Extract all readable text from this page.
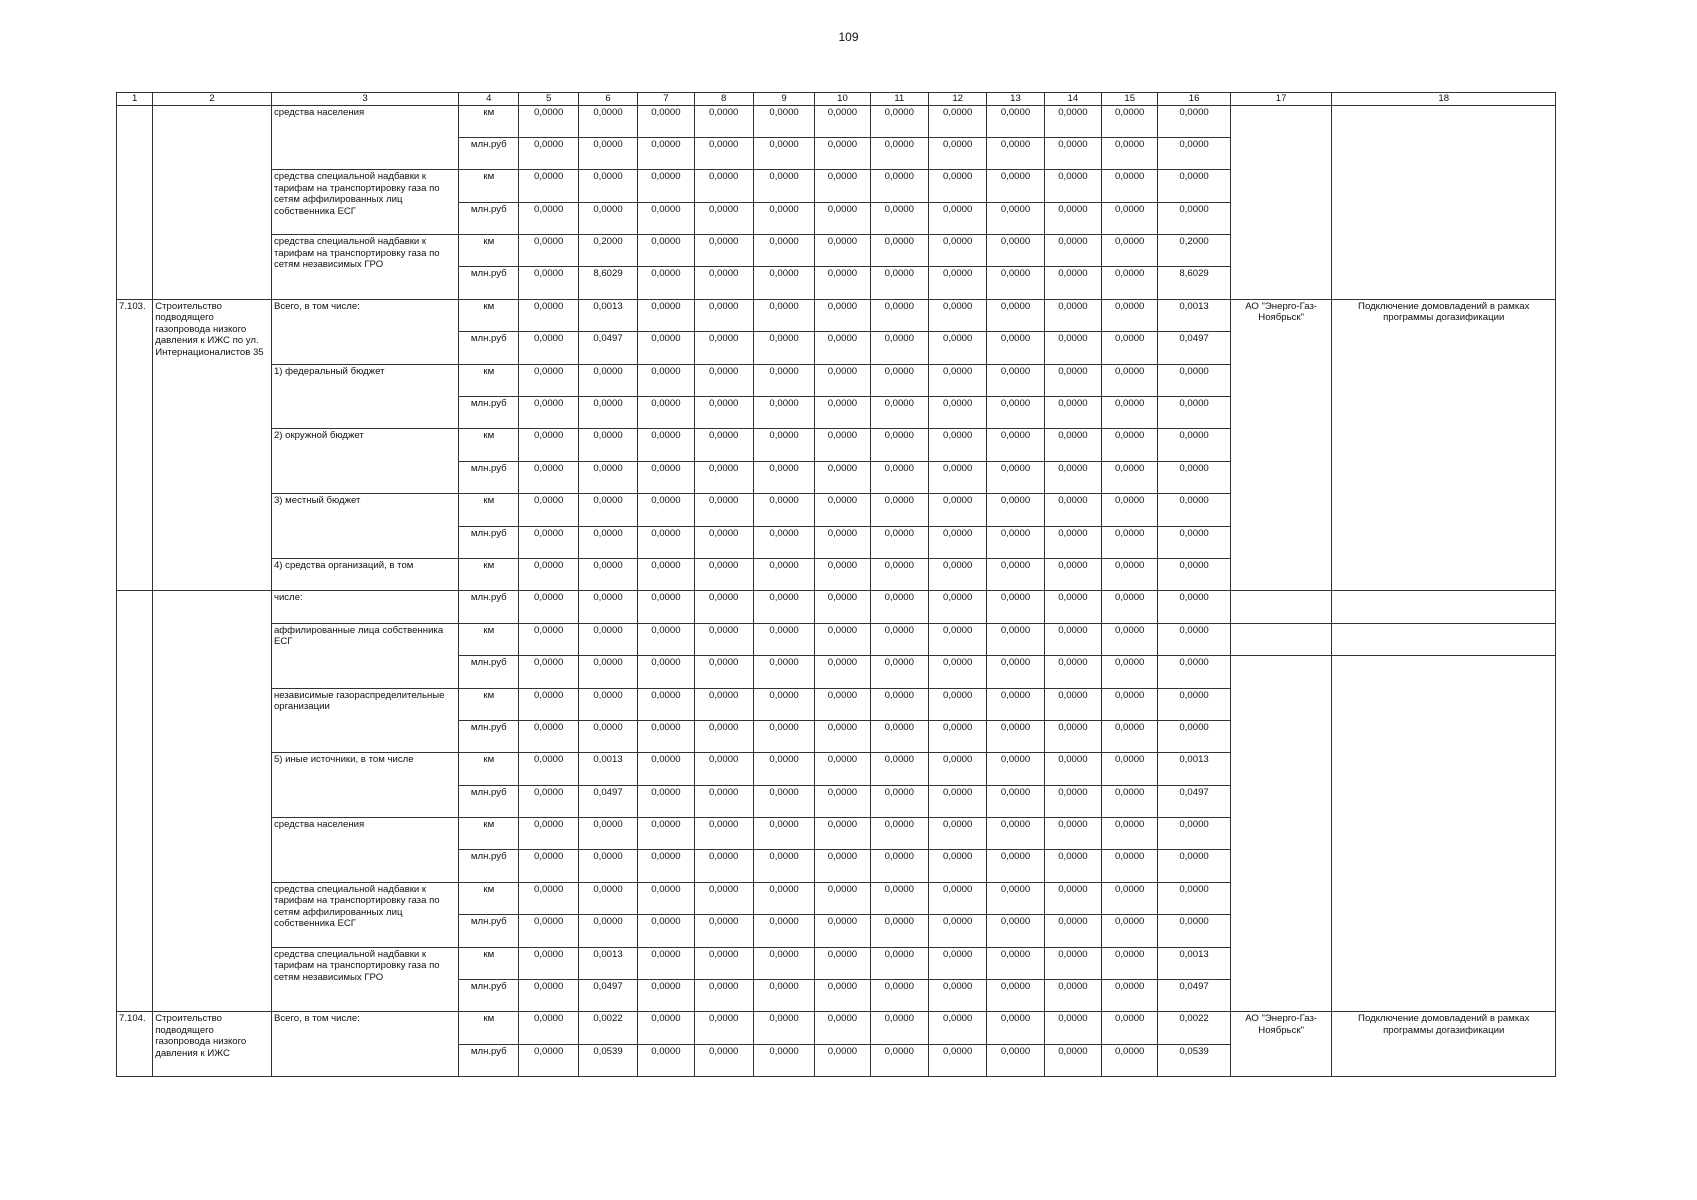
109
1	2	3	4	5	6	7	8	9	10	11	12	13	14	15	16	17	18
		средства населения	км	0,0000	0,0000	0,0000	0,0000	0,0000	0,0000	0,0000	0,0000	0,0000	0,0000	0,0000	0,0000		
			млн.руб	0,0000	0,0000	0,0000	0,0000	0,0000	0,0000	0,0000	0,0000	0,0000	0,0000	0,0000	0,0000		
		средства специальной надбавки к тарифам на транспортировку газа по сетям аффилированных лиц собственника ЕСГ	км	0,0000	0,0000	0,0000	0,0000	0,0000	0,0000	0,0000	0,0000	0,0000	0,0000	0,0000	0,0000		
			млн.руб	0,0000	0,0000	0,0000	0,0000	0,0000	0,0000	0,0000	0,0000	0,0000	0,0000	0,0000	0,0000		
		средства специальной надбавки к тарифам на транспортировку газа по сетям независимых ГРО	км	0,0000	0,2000	0,0000	0,0000	0,0000	0,0000	0,0000	0,0000	0,0000	0,0000	0,0000	0,2000		
			млн.руб	0,0000	8,6029	0,0000	0,0000	0,0000	0,0000	0,0000	0,0000	0,0000	0,0000	0,0000	8,6029		
7.103.	Строительство подводящего газопровода низкого давления к ИЖС по ул. Интернационалистов 35	Всего, в том числе:	км	0,0000	0,0013	0,0000	0,0000	0,0000	0,0000	0,0000	0,0000	0,0000	0,0000	0,0000	0,0013	АО "Энерго-Газ-Ноябрьск"	Подключение домовладений в рамках программы догазификации
			млн.руб	0,0000	0,0497	0,0000	0,0000	0,0000	0,0000	0,0000	0,0000	0,0000	0,0000	0,0000	0,0497		
		1) федеральный бюджет	км	0,0000	0,0000	0,0000	0,0000	0,0000	0,0000	0,0000	0,0000	0,0000	0,0000	0,0000	0,0000		
			млн.руб	0,0000	0,0000	0,0000	0,0000	0,0000	0,0000	0,0000	0,0000	0,0000	0,0000	0,0000	0,0000		
		2) окружной бюджет	км	0,0000	0,0000	0,0000	0,0000	0,0000	0,0000	0,0000	0,0000	0,0000	0,0000	0,0000	0,0000		
			млн.руб	0,0000	0,0000	0,0000	0,0000	0,0000	0,0000	0,0000	0,0000	0,0000	0,0000	0,0000	0,0000		
		3) местный бюджет	км	0,0000	0,0000	0,0000	0,0000	0,0000	0,0000	0,0000	0,0000	0,0000	0,0000	0,0000	0,0000		
			млн.руб	0,0000	0,0000	0,0000	0,0000	0,0000	0,0000	0,0000	0,0000	0,0000	0,0000	0,0000	0,0000		
		4) средства организаций, в том	км	0,0000	0,0000	0,0000	0,0000	0,0000	0,0000	0,0000	0,0000	0,0000	0,0000	0,0000	0,0000		
		числе:	млн.руб	0,0000	0,0000	0,0000	0,0000	0,0000	0,0000	0,0000	0,0000	0,0000	0,0000	0,0000	0,0000		
		аффилированные лица собственника ЕСГ	км	0,0000	0,0000	0,0000	0,0000	0,0000	0,0000	0,0000	0,0000	0,0000	0,0000	0,0000	0,0000		
			млн.руб	0,0000	0,0000	0,0000	0,0000	0,0000	0,0000	0,0000	0,0000	0,0000	0,0000	0,0000	0,0000		
		независимые газораспределительные организации	км	0,0000	0,0000	0,0000	0,0000	0,0000	0,0000	0,0000	0,0000	0,0000	0,0000	0,0000	0,0000		
			млн.руб	0,0000	0,0000	0,0000	0,0000	0,0000	0,0000	0,0000	0,0000	0,0000	0,0000	0,0000	0,0000		
		5) иные источники, в том числе	км	0,0000	0,0013	0,0000	0,0000	0,0000	0,0000	0,0000	0,0000	0,0000	0,0000	0,0000	0,0013		
			млн.руб	0,0000	0,0497	0,0000	0,0000	0,0000	0,0000	0,0000	0,0000	0,0000	0,0000	0,0000	0,0497		
		средства населения	км	0,0000	0,0000	0,0000	0,0000	0,0000	0,0000	0,0000	0,0000	0,0000	0,0000	0,0000	0,0000		
			млн.руб	0,0000	0,0000	0,0000	0,0000	0,0000	0,0000	0,0000	0,0000	0,0000	0,0000	0,0000	0,0000		
		средства специальной надбавки к тарифам на транспортировку газа по сетям аффилированных лиц собственника ЕСГ	км	0,0000	0,0000	0,0000	0,0000	0,0000	0,0000	0,0000	0,0000	0,0000	0,0000	0,0000	0,0000		
			млн.руб	0,0000	0,0000	0,0000	0,0000	0,0000	0,0000	0,0000	0,0000	0,0000	0,0000	0,0000	0,0000		
		средства специальной надбавки к тарифам на транспортировку газа по сетям независимых ГРО	км	0,0000	0,0013	0,0000	0,0000	0,0000	0,0000	0,0000	0,0000	0,0000	0,0000	0,0000	0,0013		
			млн.руб	0,0000	0,0497	0,0000	0,0000	0,0000	0,0000	0,0000	0,0000	0,0000	0,0000	0,0000	0,0497		
7.104.	Строительство подводящего газопровода низкого давления к ИЖС	Всего, в том числе:	км	0,0000	0,0022	0,0000	0,0000	0,0000	0,0000	0,0000	0,0000	0,0000	0,0000	0,0000	0,0022	АО "Энерго-Газ-Ноябрьск"	Подключение домовладений в рамках программы догазификации
			млн.руб	0,0000	0,0539	0,0000	0,0000	0,0000	0,0000	0,0000	0,0000	0,0000	0,0000	0,0000	0,0539		
